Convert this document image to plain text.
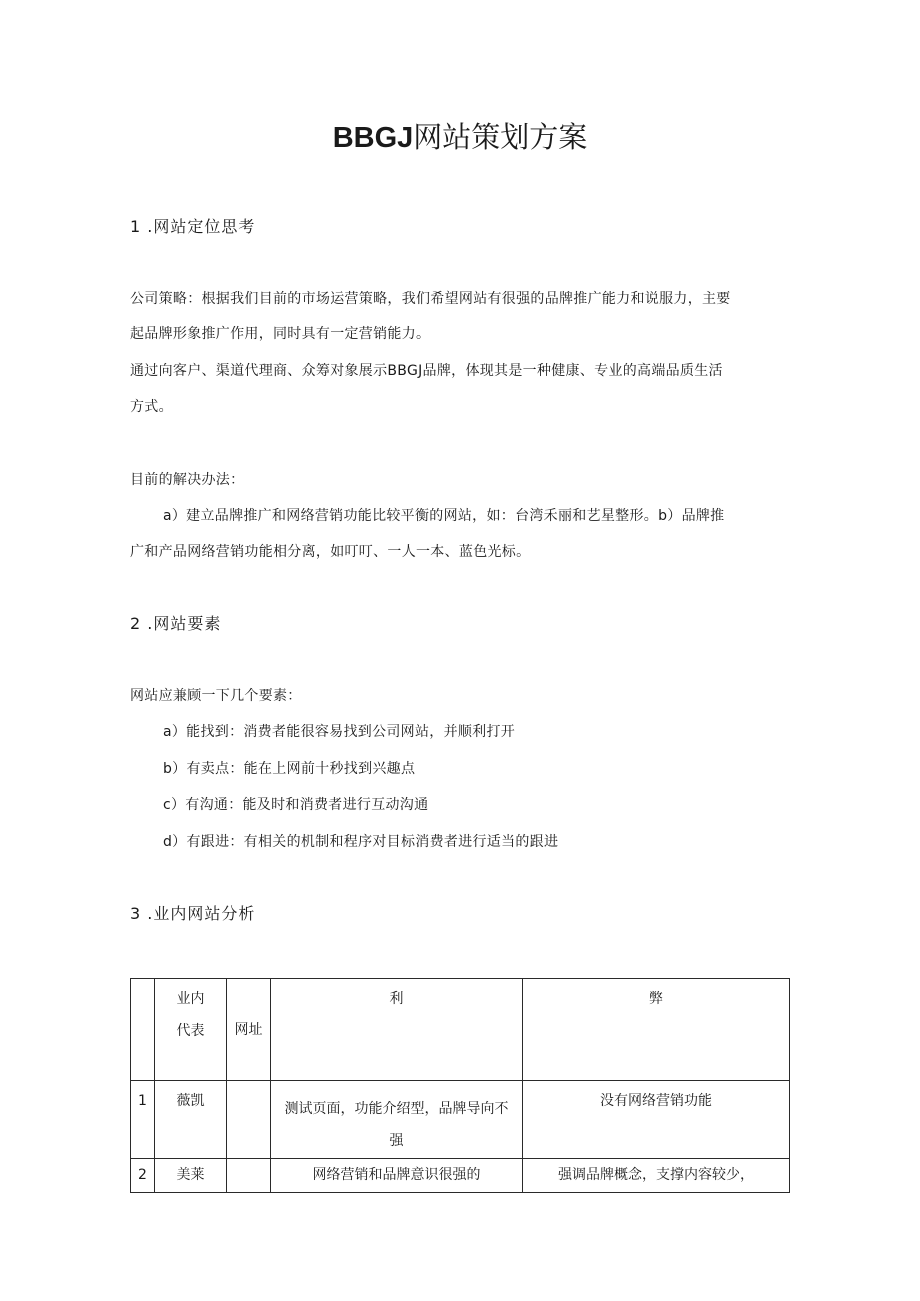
BBGJ网站策划方案
1 .网站定位思考
公司策略：根据我们目前的市场运营策略，我们希望网站有很强的品牌推广能力和说服力，主要
起品牌形象推广作用，同时具有一定营销能力。
通过向客户、渠道代理商、众筹对象展示BBGJ品牌，体现其是一种健康、专业的高端品质生活
方式。
目前的解决办法：
a）建立品牌推广和网络营销功能比较平衡的网站，如：台湾禾丽和艺星整形。b）品牌推
广和产品网络营销功能相分离，如叮叮、一人一本、蓝色光标。
2 .网站要素
网站应兼顾一下几个要素：
a）能找到：消费者能很容易找到公司网站，并顺利打开
b）有卖点：能在上网前十秒找到兴趣点
c）有沟通：能及时和消费者进行互动沟通
d）有跟进：有相关的机制和程序对目标消费者进行适当的跟进
3 .业内网站分析

	业内
代表	网址	利	弊

1	薇凯		测试页面，功能介绍型，品牌导向不
强	没有网络营销功能
2	美莱		网络营销和品牌意识很强的	强调品牌概念，支撑内容较少，
